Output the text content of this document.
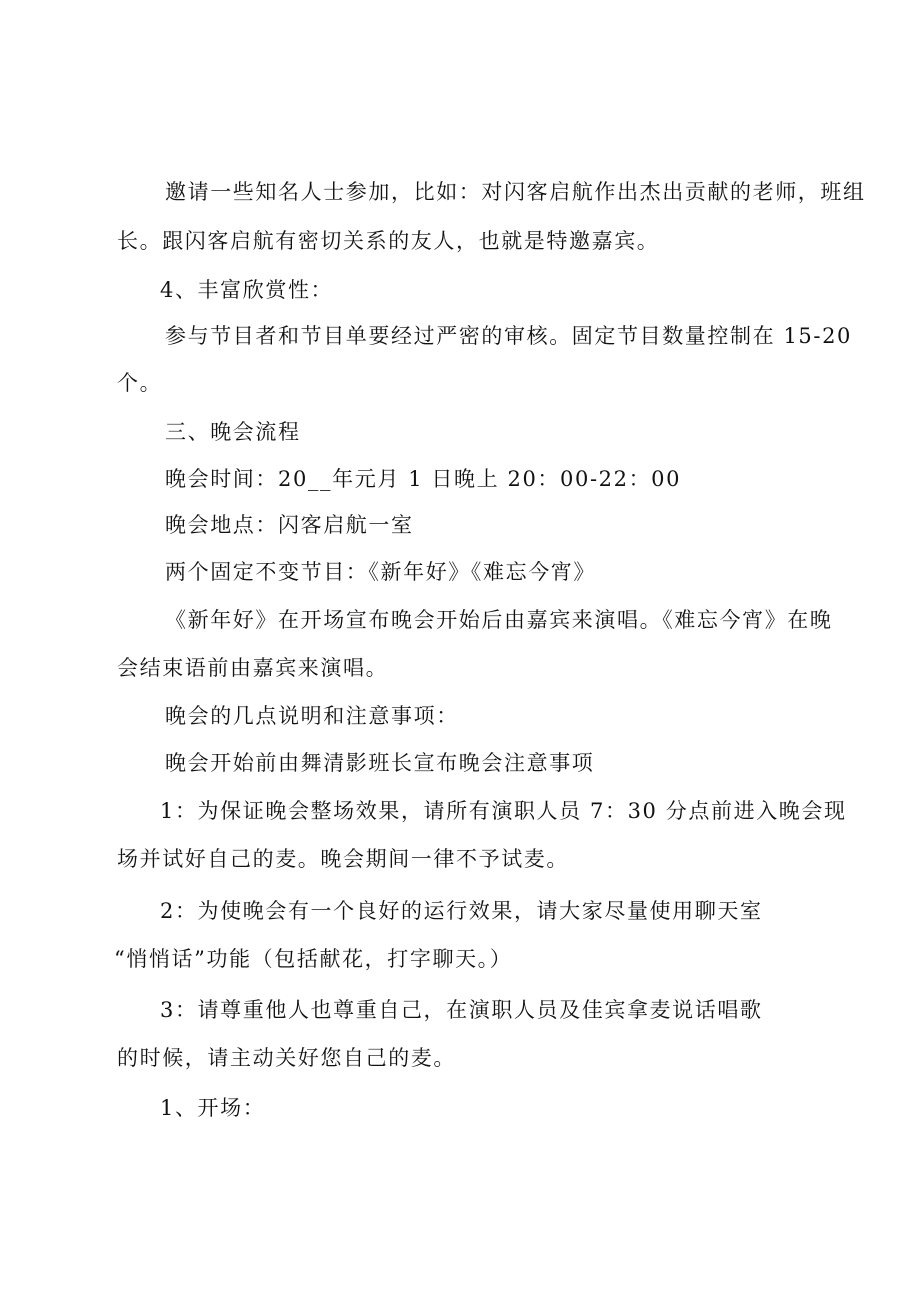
邀请一些知名人士参加，比如：对闪客启航作出杰出贡献的老师，班组
长。跟闪客启航有密切关系的友人，也就是特邀嘉宾。
4、丰富欣赏性：
参与节目者和节目单要经过严密的审核。固定节目数量控制在 15-20
个。
三、晚会流程
晚会时间：20__年元月 1 日晚上 20：00-22：00
晚会地点：闪客启航一室
两个固定不变节目：《新年好》《难忘今宵》
《新年好》在开场宣布晚会开始后由嘉宾来演唱。《难忘今宵》在晚
会结束语前由嘉宾来演唱。
晚会的几点说明和注意事项：
晚会开始前由舞清影班长宣布晚会注意事项
1：为保证晚会整场效果，请所有演职人员 7：30 分点前进入晚会现
场并试好自己的麦。晚会期间一律不予试麦。
2：为使晚会有一个良好的运行效果，请大家尽量使用聊天室
“悄悄话”功能（包括献花，打字聊天。）
3：请尊重他人也尊重自己，在演职人员及佳宾拿麦说话唱歌
的时候，请主动关好您自己的麦。
1、开场：
